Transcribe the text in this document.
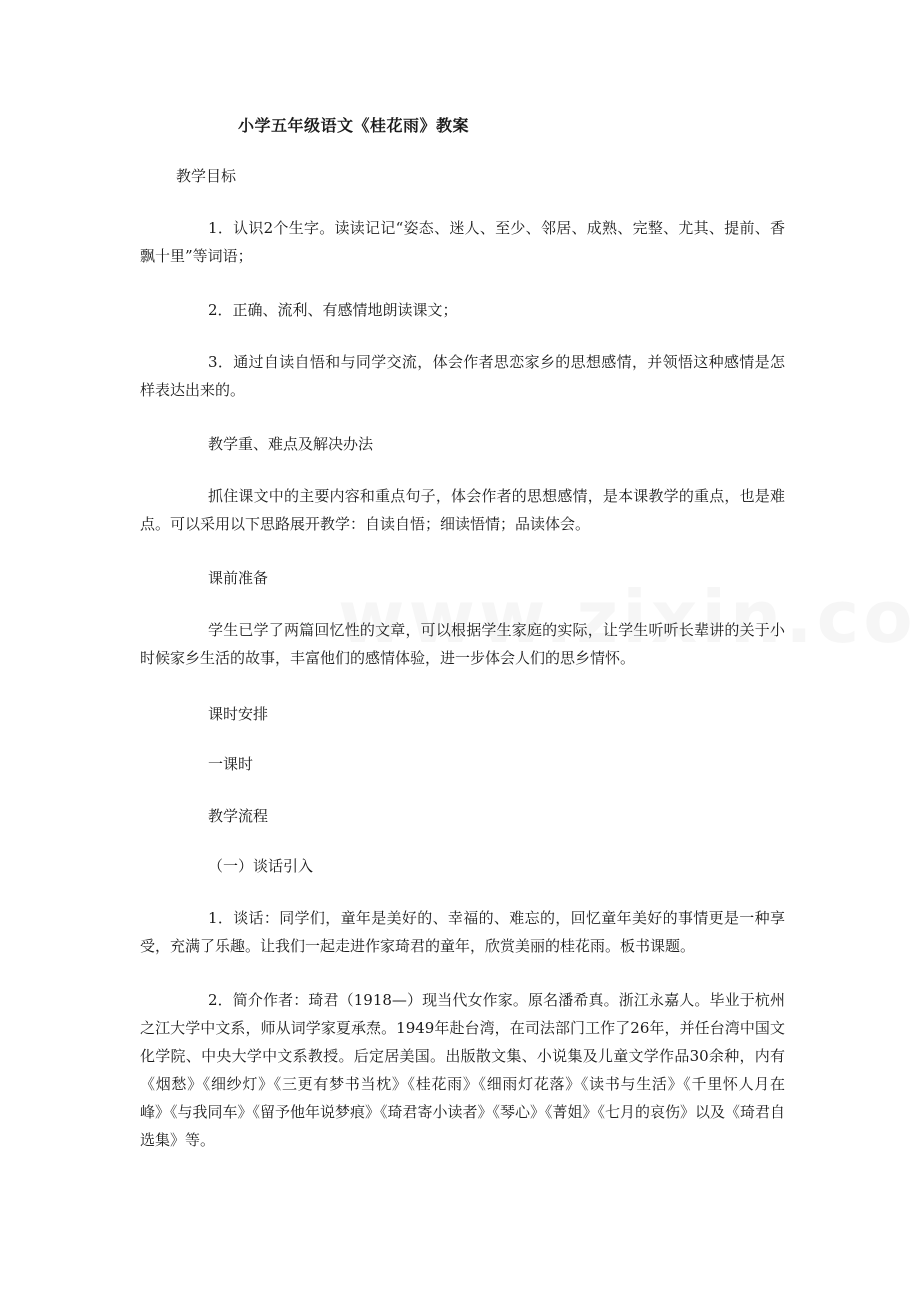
小学五年级语文《桂花雨》教案
教学目标

1．认识2个生字。读读记记“姿态、迷人、至少、邻居、成熟、完整、尤其、提前、香飘十里”等词语；

2．正确、流利、有感情地朗读课文；

3．通过自读自悟和与同学交流，体会作者思恋家乡的思想感情，并领悟这种感情是怎样表达出来的。

教学重、难点及解决办法

抓住课文中的主要内容和重点句子，体会作者的思想感情，是本课教学的重点，也是难点。可以采用以下思路展开教学：自读自悟；细读悟情；品读体会。

课前准备

学生已学了两篇回忆性的文章，可以根据学生家庭的实际，让学生听听长辈讲的关于小时候家乡生活的故事，丰富他们的感情体验，进一步体会人们的思乡情怀。

课时安排
一课时
教学流程
（一）谈话引入

1．谈话：同学们，童年是美好的、幸福的、难忘的，回忆童年美好的事情更是一种享受，充满了乐趣。让我们一起走进作家琦君的童年，欣赏美丽的桂花雨。板书课题。

2．简介作者：琦君（1918—）现当代女作家。原名潘希真。浙江永嘉人。毕业于杭州之江大学中文系，师从词学家夏承焘。1949年赴台湾，在司法部门工作了26年，并任台湾中国文化学院、中央大学中文系教授。后定居美国。出版散文集、小说集及儿童文学作品30余种，内有《烟愁》《细纱灯》《三更有梦书当枕》《桂花雨》《细雨灯花落》《读书与生活》《千里怀人月在峰》《与我同车》《留予他年说梦痕》《琦君寄小读者》《琴心》《菁姐》《七月的哀伤》以及《琦君自选集》等。
